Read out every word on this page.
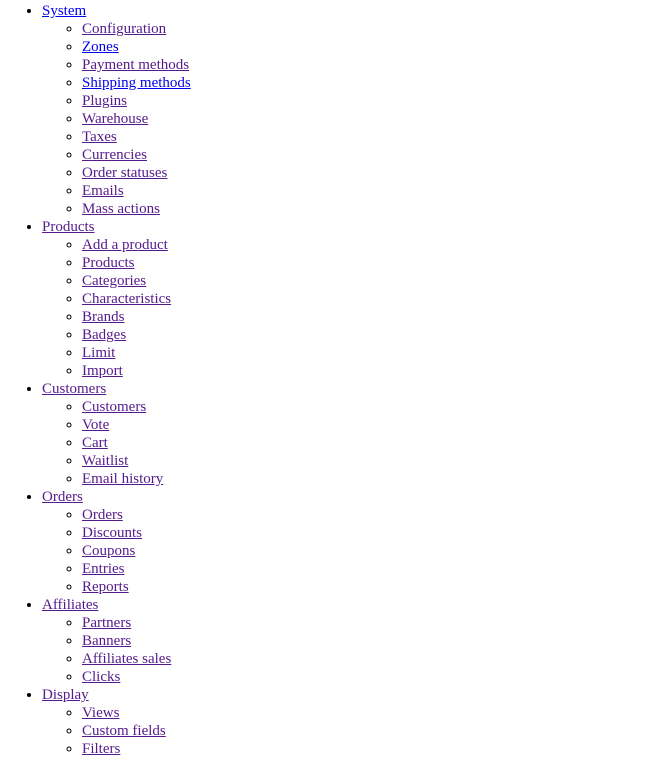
• System
◦ Configuration
◦ Zones
◦ Payment methods
◦ Shipping methods
◦ Plugins
◦ Warehouse
◦ Taxes
◦ Currencies
◦ Order statuses
◦ Emails
◦ Mass actions
• Products
◦ Add a product
◦ Products
◦ Categories
◦ Characteristics
◦ Brands
◦ Badges
◦ Limit
◦ Import
• Customers
◦ Customers
◦ Vote
◦ Cart
◦ Waitlist
◦ Email history
• Orders
◦ Orders
◦ Discounts
◦ Coupons
◦ Entries
◦ Reports
• Affiliates
◦ Partners
◦ Banners
◦ Affiliates sales
◦ Clicks
• Display
◦ Views
◦ Custom fields
◦ Filters
